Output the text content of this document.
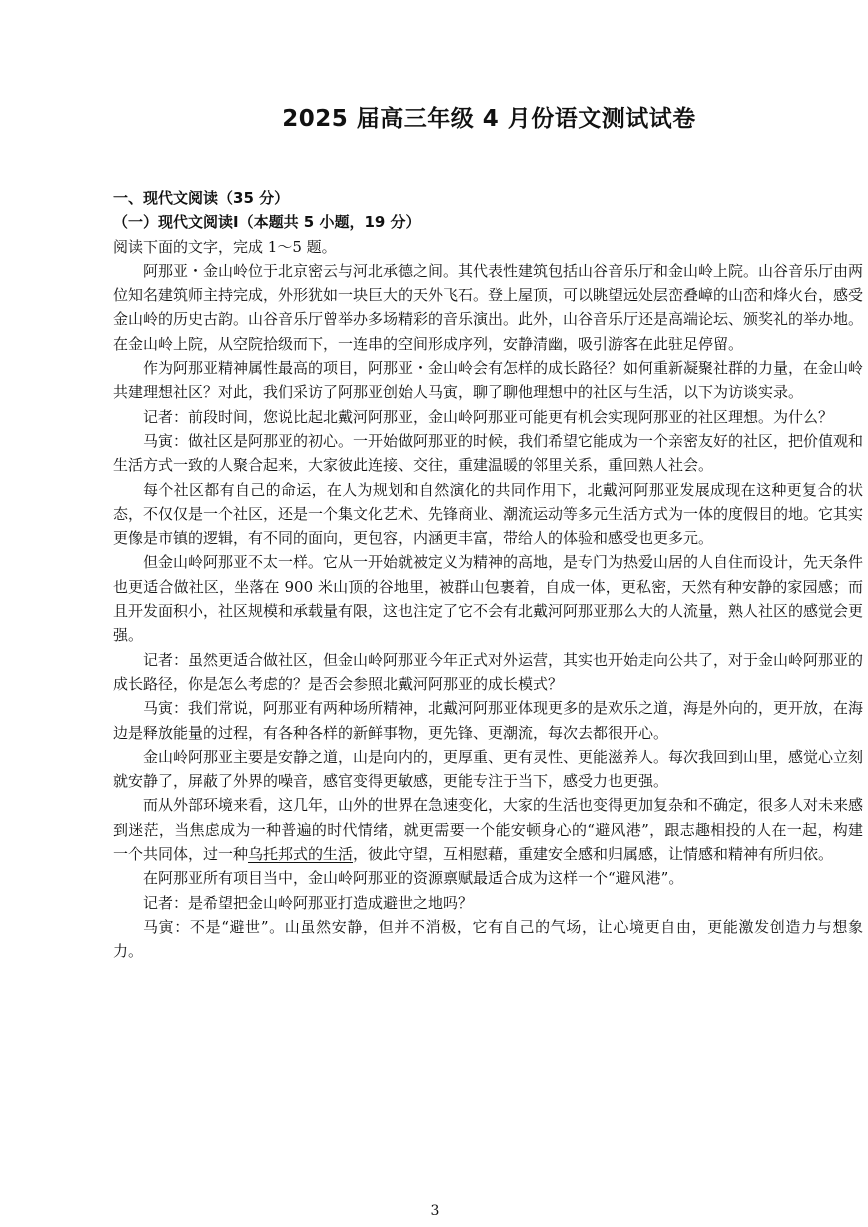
2025 届高三年级 4 月份语文测试试卷

一、现代文阅读（35 分）

（一）现代文阅读Ⅰ（本题共 5 小题，19 分）

阅读下面的文字，完成 1～5 题。

阿那亚・金山岭位于北京密云与河北承德之间。其代表性建筑包括山谷音乐厅和金山岭上院。山谷音乐厅由两位知名建筑师主持完成，外形犹如一块巨大的天外飞石。登上屋顶，可以眺望远处层峦叠嶂的山峦和烽火台，感受金山岭的历史古韵。山谷音乐厅曾举办多场精彩的音乐演出。此外，山谷音乐厅还是高端论坛、颁奖礼的举办地。在金山岭上院，从空院拾级而下，一连串的空间形成序列，安静清幽，吸引游客在此驻足停留。

作为阿那亚精神属性最高的项目，阿那亚・金山岭会有怎样的成长路径？如何重新凝聚社群的力量，在金山岭共建理想社区？对此，我们采访了阿那亚创始人马寅，聊了聊他理想中的社区与生活，以下为访谈实录。

记者：前段时间，您说比起北戴河阿那亚，金山岭阿那亚可能更有机会实现阿那亚的社区理想。为什么？

马寅：做社区是阿那亚的初心。一开始做阿那亚的时候，我们希望它能成为一个亲密友好的社区，把价值观和生活方式一致的人聚合起来，大家彼此连接、交往，重建温暖的邻里关系，重回熟人社会。

每个社区都有自己的命运，在人为规划和自然演化的共同作用下，北戴河阿那亚发展成现在这种更复合的状态，不仅仅是一个社区，还是一个集文化艺术、先锋商业、潮流运动等多元生活方式为一体的度假目的地。它其实更像是市镇的逻辑，有不同的面向，更包容，内涵更丰富，带给人的体验和感受也更多元。

但金山岭阿那亚不太一样。它从一开始就被定义为精神的高地，是专门为热爱山居的人自住而设计，先天条件也更适合做社区，坐落在 900 米山顶的谷地里，被群山包裹着，自成一体，更私密，天然有种安静的家园感；而且开发面积小，社区规模和承载量有限，这也注定了它不会有北戴河阿那亚那么大的人流量，熟人社区的感觉会更强。

记者：虽然更适合做社区，但金山岭阿那亚今年正式对外运营，其实也开始走向公共了，对于金山岭阿那亚的成长路径，你是怎么考虑的？是否会参照北戴河阿那亚的成长模式？

马寅：我们常说，阿那亚有两种场所精神，北戴河阿那亚体现更多的是欢乐之道，海是外向的，更开放，在海边是释放能量的过程，有各种各样的新鲜事物，更先锋、更潮流，每次去都很开心。

金山岭阿那亚主要是安静之道，山是向内的，更厚重、更有灵性、更能滋养人。每次我回到山里，感觉心立刻就安静了，屏蔽了外界的噪音，感官变得更敏感，更能专注于当下，感受力也更强。

而从外部环境来看，这几年，山外的世界在急速变化，大家的生活也变得更加复杂和不确定，很多人对未来感到迷茫，当焦虑成为一种普遍的时代情绪，就更需要一个能安顿身心的“避风港”，跟志趣相投的人在一起，构建一个共同体，过一种乌托邦式的生活，彼此守望，互相慰藉，重建安全感和归属感，让情感和精神有所归依。

在阿那亚所有项目当中，金山岭阿那亚的资源禀赋最适合成为这样一个“避风港”。

记者：是希望把金山岭阿那亚打造成避世之地吗？

马寅：不是“避世”。山虽然安静，但并不消极，它有自己的气场，让心境更自由，更能激发创造力与想象力。

3
